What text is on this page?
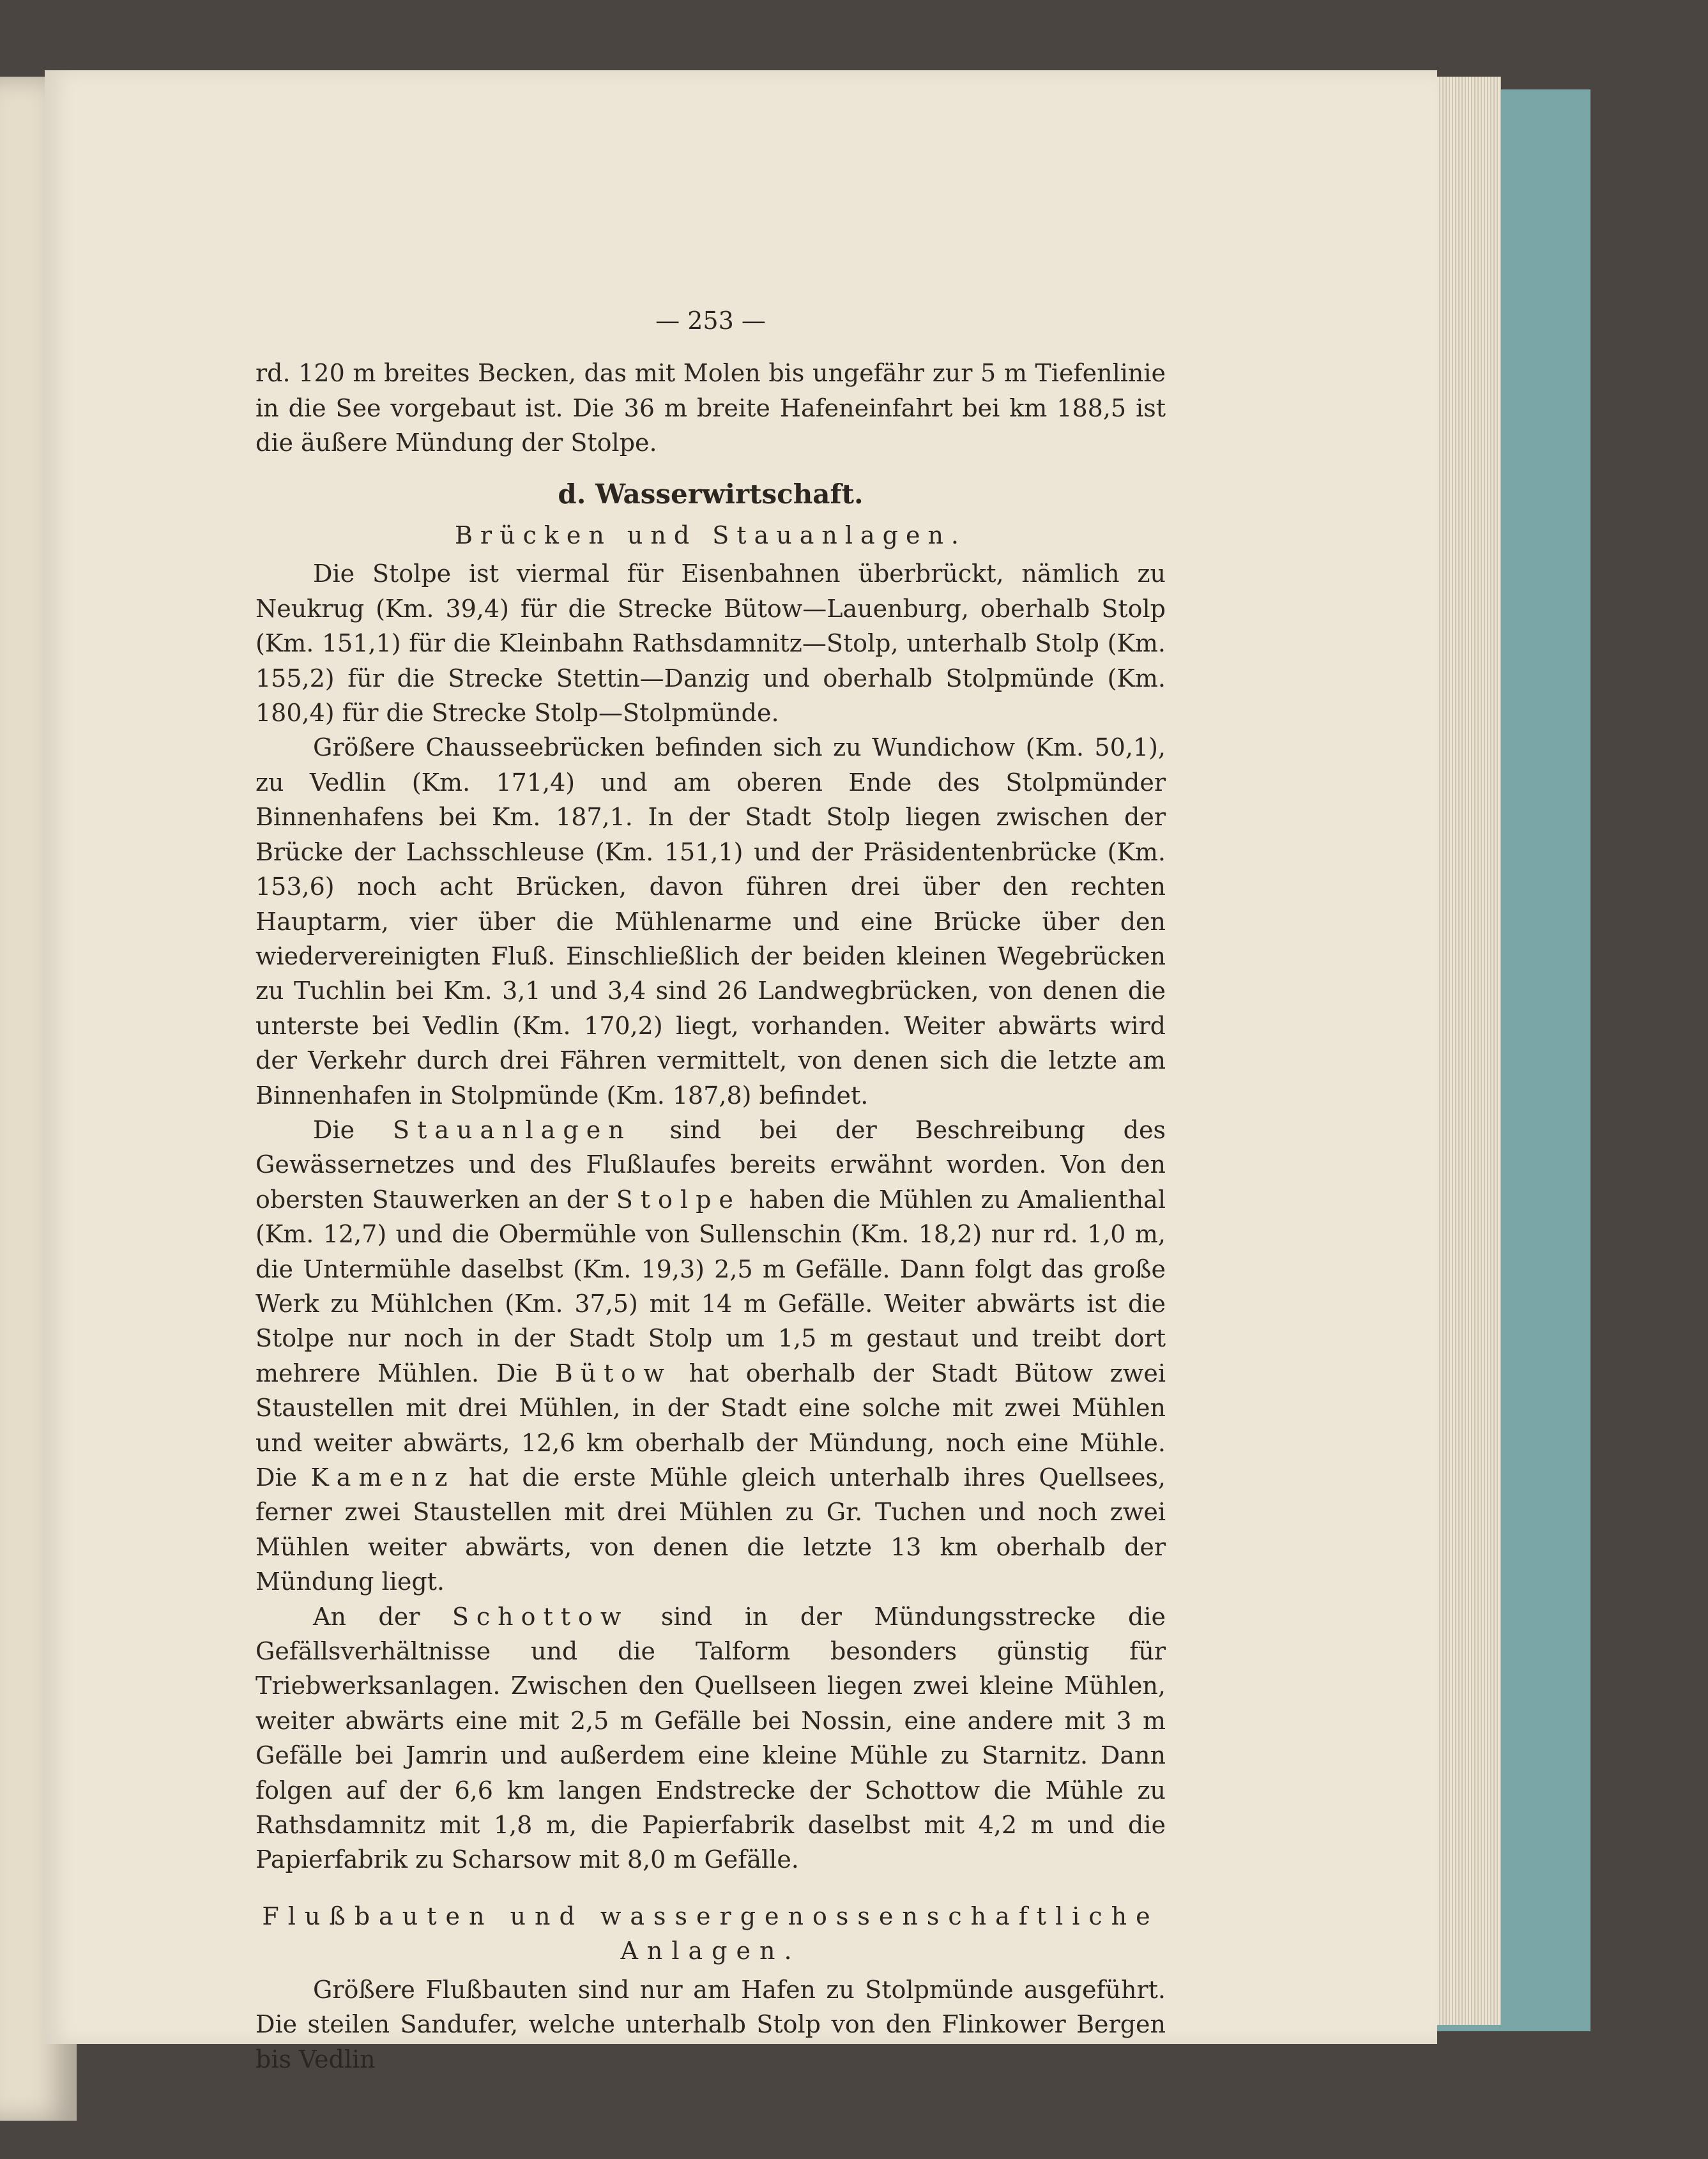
— 253 —

rd. 120 m breites Becken, das mit Molen bis ungefähr zur 5 m Tiefenlinie in die See vorgebaut ist. Die 36 m breite Hafeneinfahrt bei km 188,5 ist die äußere Mündung der Stolpe.

d. Wasserwirtschaft.
Brücken und Stauanlagen.

Die Stolpe ist viermal für Eisenbahnen überbrückt, nämlich zu Neukrug (Km. 39,4) für die Strecke Bütow—Lauenburg, oberhalb Stolp (Km. 151,1) für die Kleinbahn Rathsdamnitz—Stolp, unterhalb Stolp (Km. 155,2) für die Strecke Stettin—Danzig und oberhalb Stolpmünde (Km. 180,4) für die Strecke Stolp—Stolpmünde.

Größere Chausseebrücken befinden sich zu Wundichow (Km. 50,1), zu Vedlin (Km. 171,4) und am oberen Ende des Stolpmünder Binnenhafens bei Km. 187,1. In der Stadt Stolp liegen zwischen der Brücke der Lachsschleuse (Km. 151,1) und der Präsidentenbrücke (Km. 153,6) noch acht Brücken, davon führen drei über den rechten Hauptarm, vier über die Mühlenarme und eine Brücke über den wiedervereinigten Fluß. Einschließlich der beiden kleinen Wegebrücken zu Tuchlin bei Km. 3,1 und 3,4 sind 26 Landwegbrücken, von denen die unterste bei Vedlin (Km. 170,2) liegt, vorhanden. Weiter abwärts wird der Verkehr durch drei Fähren vermittelt, von denen sich die letzte am Binnenhafen in Stolpmünde (Km. 187,8) befindet.

Die Stauanlagen sind bei der Beschreibung des Gewässernetzes und des Flußlaufes bereits erwähnt worden. Von den obersten Stauwerken an der Stolpe haben die Mühlen zu Amalienthal (Km. 12,7) und die Obermühle von Sullenschin (Km. 18,2) nur rd. 1,0 m, die Untermühle daselbst (Km. 19,3) 2,5 m Gefälle. Dann folgt das große Werk zu Mühlchen (Km. 37,5) mit 14 m Gefälle. Weiter abwärts ist die Stolpe nur noch in der Stadt Stolp um 1,5 m gestaut und treibt dort mehrere Mühlen. Die Bütow hat oberhalb der Stadt Bütow zwei Staustellen mit drei Mühlen, in der Stadt eine solche mit zwei Mühlen und weiter abwärts, 12,6 km oberhalb der Mündung, noch eine Mühle. Die Kamenz hat die erste Mühle gleich unterhalb ihres Quellsees, ferner zwei Staustellen mit drei Mühlen zu Gr. Tuchen und noch zwei Mühlen weiter abwärts, von denen die letzte 13 km oberhalb der Mündung liegt.

An der Schottow sind in der Mündungsstrecke die Gefällsverhältnisse und die Talform besonders günstig für Triebwerksanlagen. Zwischen den Quellseen liegen zwei kleine Mühlen, weiter abwärts eine mit 2,5 m Gefälle bei Nossin, eine andere mit 3 m Gefälle bei Jamrin und außerdem eine kleine Mühle zu Starnitz. Dann folgen auf der 6,6 km langen Endstrecke der Schottow die Mühle zu Rathsdamnitz mit 1,8 m, die Papierfabrik daselbst mit 4,2 m und die Papierfabrik zu Scharsow mit 8,0 m Gefälle.

Flußbauten und wassergenossenschaftliche Anlagen.

Größere Flußbauten sind nur am Hafen zu Stolpmünde ausgeführt. Die steilen Sandufer, welche unterhalb Stolp von den Flinkower Bergen bis Vedlin
